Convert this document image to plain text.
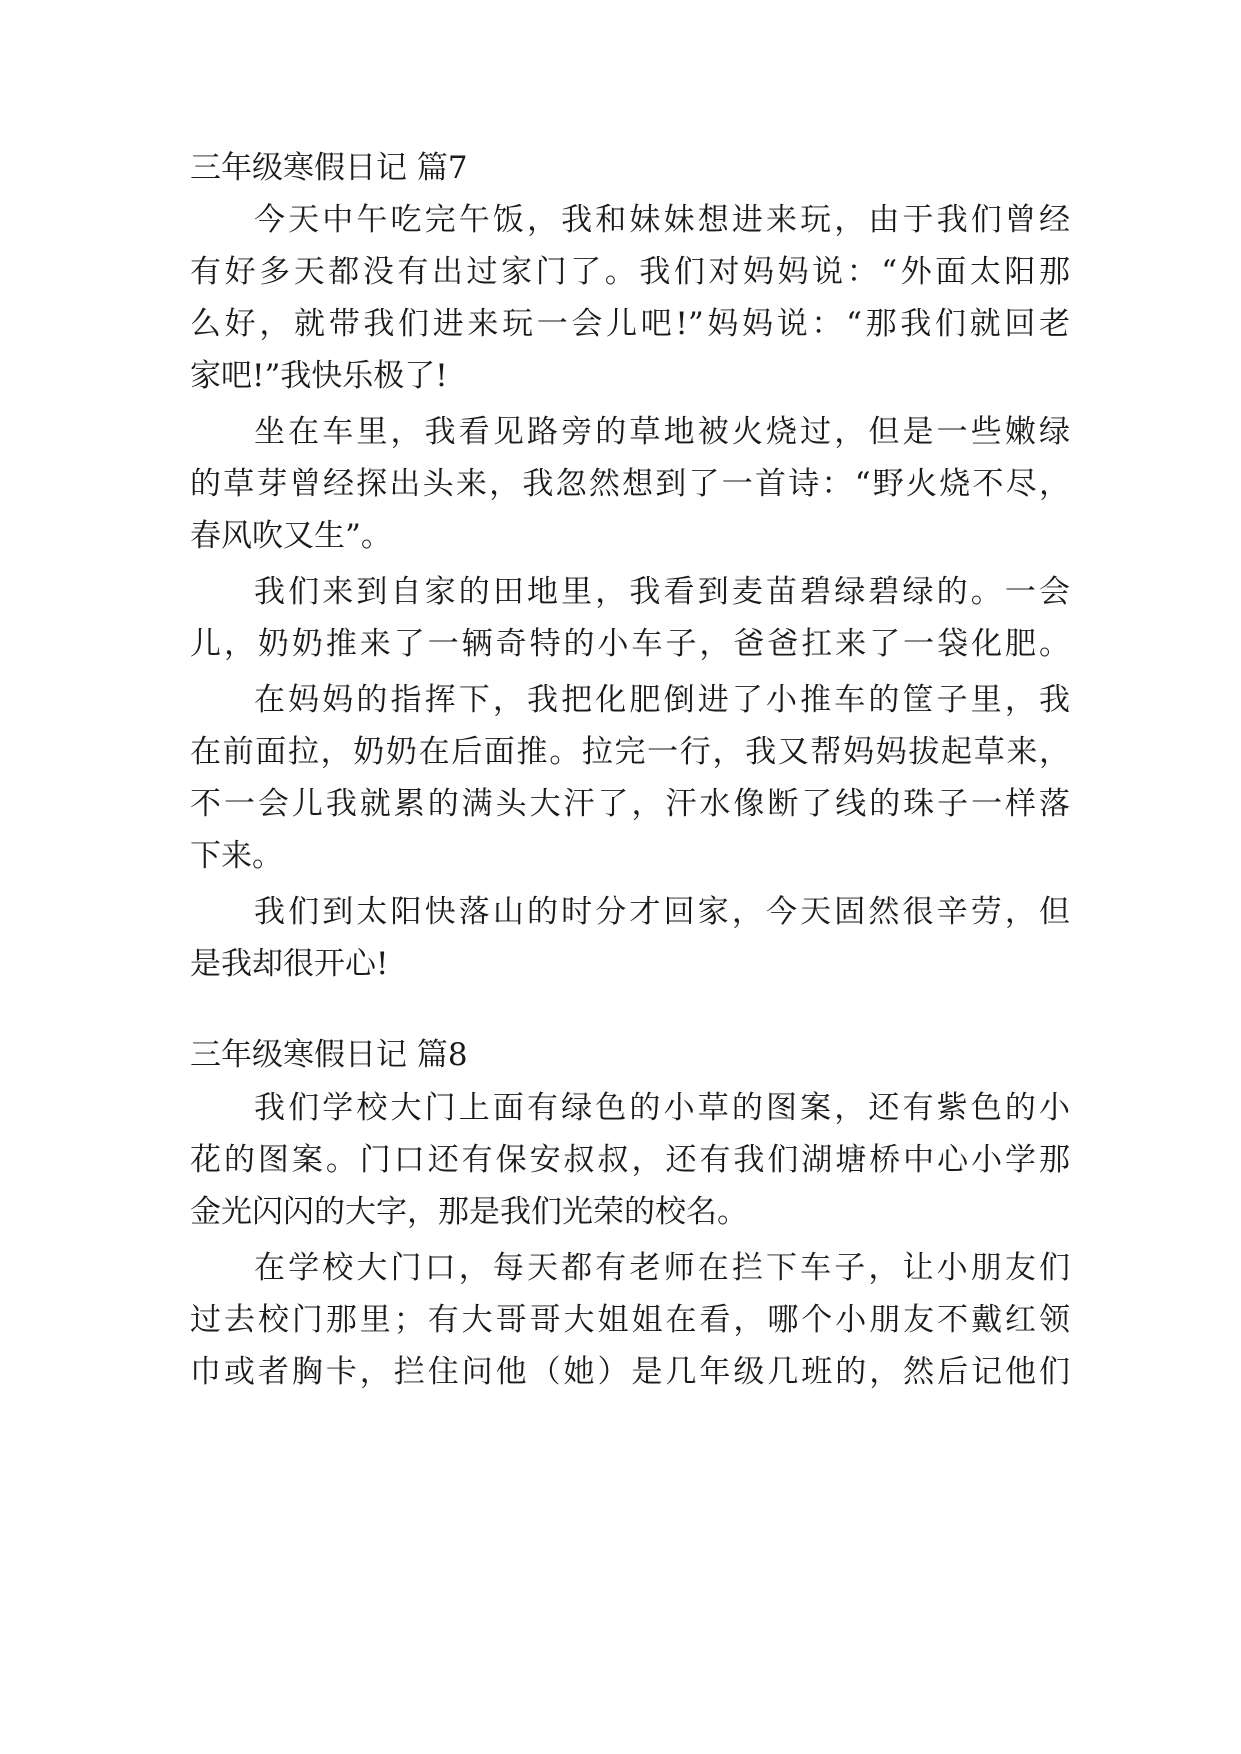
三年级寒假日记 篇7
今天中午吃完午饭，我和妹妹想进来玩，由于我们曾经
有好多天都没有出过家门了。我们对妈妈说：“外面太阳那
么好，就带我们进来玩一会儿吧!”妈妈说：“那我们就回老
家吧!”我快乐极了!
坐在车里，我看见路旁的草地被火烧过，但是一些嫩绿
的草芽曾经探出头来，我忽然想到了一首诗：“野火烧不尽，
春风吹又生”。
我们来到自家的田地里，我看到麦苗碧绿碧绿的。一会
儿，奶奶推来了一辆奇特的小车子，爸爸扛来了一袋化肥。
在妈妈的指挥下，我把化肥倒进了小推车的筐子里，我
在前面拉，奶奶在后面推。拉完一行，我又帮妈妈拔起草来，
不一会儿我就累的满头大汗了，汗水像断了线的珠子一样落
下来。
我们到太阳快落山的时分才回家，今天固然很辛劳，但
是我却很开心!
三年级寒假日记 篇8
我们学校大门上面有绿色的小草的图案，还有紫色的小
花的图案。门口还有保安叔叔，还有我们湖塘桥中心小学那
金光闪闪的大字，那是我们光荣的校名。
在学校大门口，每天都有老师在拦下车子，让小朋友们
过去校门那里；有大哥哥大姐姐在看，哪个小朋友不戴红领
巾或者胸卡，拦住问他（她）是几年级几班的，然后记他们
